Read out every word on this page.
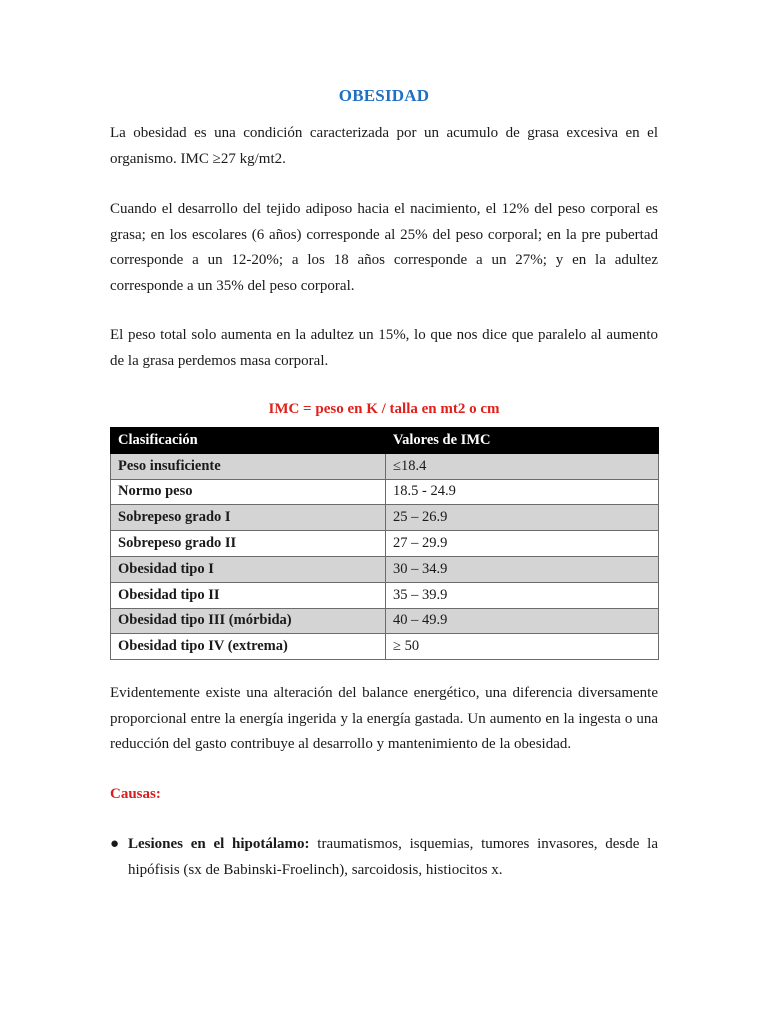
OBESIDAD

La obesidad es una condición caracterizada por un acumulo de grasa excesiva en el organismo. IMC ≥27 kg/mt2.

Cuando el desarrollo del tejido adiposo hacia el nacimiento, el 12% del peso corporal es grasa; en los escolares (6 años) corresponde al 25% del peso corporal; en la pre pubertad corresponde a un 12-20%; a los 18 años corresponde a un 27%; y en la adultez corresponde a un 35% del peso corporal.

El peso total solo aumenta en la adultez un 15%, lo que nos dice que paralelo al aumento de la grasa perdemos masa corporal.

IMC = peso en K / talla en mt2 o cm
Clasificación	Valores de IMC
Peso insuficiente	≤18.4
Normo peso	18.5 - 24.9
Sobrepeso grado I	25 – 26.9
Sobrepeso grado II	27 – 29.9
Obesidad tipo I	30 – 34.9
Obesidad tipo II	35 – 39.9
Obesidad tipo III (mórbida)	40 – 49.9
Obesidad tipo IV (extrema)	≥ 50

Evidentemente existe una alteración del balance energético, una diferencia diversamente proporcional entre la energía ingerida y la energía gastada. Un aumento en la ingesta o una reducción del gasto contribuye al desarrollo y mantenimiento de la obesidad.

Causas:
● Lesiones en el hipotálamo: traumatismos, isquemias, tumores invasores, desde la hipófisis (sx de Babinski-Froelinch), sarcoidosis, histiocitos x.
